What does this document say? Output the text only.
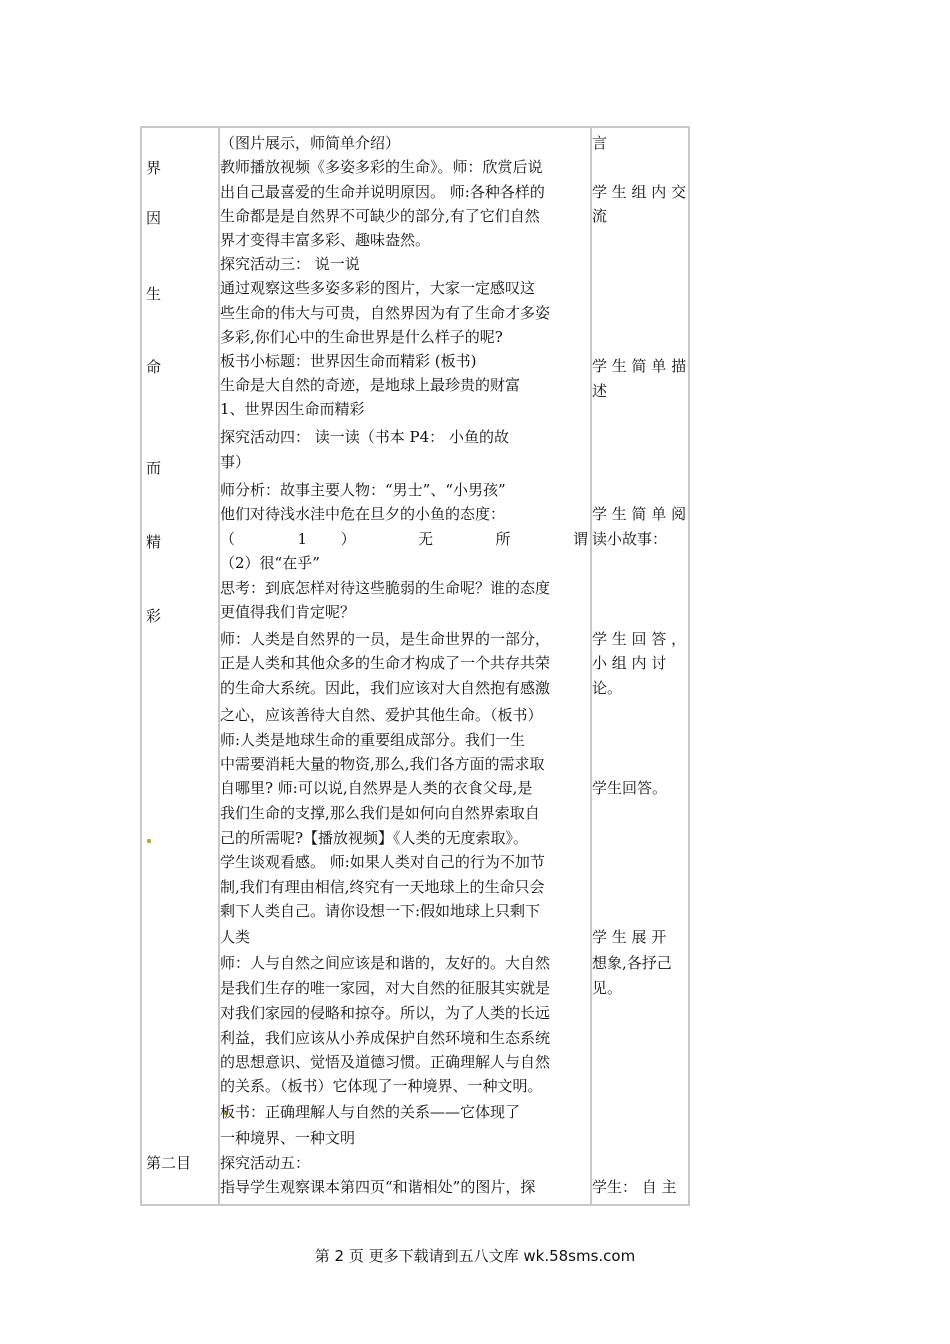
界
因
生
命
而
精
彩
第二目
（图片展示，师简单介绍）
教师播放视频《多姿多彩的生命》。师：欣赏后说
出自己最喜爱的生命并说明原因。 师:各种各样的
生命都是是自然界不可缺少的部分,有了它们自然
界才变得丰富多彩、趣味盎然。
探究活动三： 说一说
通过观察这些多姿多彩的图片，大家一定感叹这
些生命的伟大与可贵，自然界因为有了生命才多姿
多彩,你们心中的生命世界是什么样子的呢?
板书小标题：世界因生命而精彩 (板书)
生命是大自然的奇迹，是地球上最珍贵的财富
1、世界因生命而精彩
探究活动四： 读一读（书本 P4： 小鱼的故
事）
师分析：故事主要人物：“男士”、“小男孩”
他们对待浅水洼中危在旦夕的小鱼的态度：
（ 1 ） 无 所 谓
（2）很“在乎”
思考：到底怎样对待这些脆弱的生命呢？谁的态度
更值得我们肯定呢？
师：人类是自然界的一员，是生命世界的一部分，
正是人类和其他众多的生命才构成了一个共存共荣
的生命大系统。因此，我们应该对大自然抱有感激
之心，应该善待大自然、爱护其他生命。（板书）
师:人类是地球生命的重要组成部分。我们一生
中需要消耗大量的物资,那么,我们各方面的需求取
自哪里? 师:可以说,自然界是人类的衣食父母,是
我们生命的支撑,那么我们是如何向自然界索取自
己的所需呢?【播放视频】《人类的无度索取》。
学生谈观看感。 师:如果人类对自己的行为不加节
制,我们有理由相信,终究有一天地球上的生命只会
剩下人类自己。请你设想一下:假如地球上只剩下
人类
师：人与自然之间应该是和谐的，友好的。大自然
是我们生存的唯一家园，对大自然的征服其实就是
对我们家园的侵略和掠夺。所以，为了人类的长远
利益，我们应该从小养成保护自然环境和生态系统
的思想意识、觉悟及道德习惯。正确理解人与自然
的关系。（板书）它体现了一种境界、一种文明。
板书：正确理解人与自然的关系——它体现了
一种境界、一种文明
探究活动五：
指导学生观察课本第四页“和谐相处”的图片，探
言
学 生 组 内 交
流
学 生 简 单 描
述
学 生 简 单 阅
读小故事：
学 生 回 答 ，
小 组 内 讨
论。
学生回答。
学 生 展 开
想象,各抒己
见。
学生： 自 主
第 2 页 更多下载请到五八文库 wk.58sms.com
